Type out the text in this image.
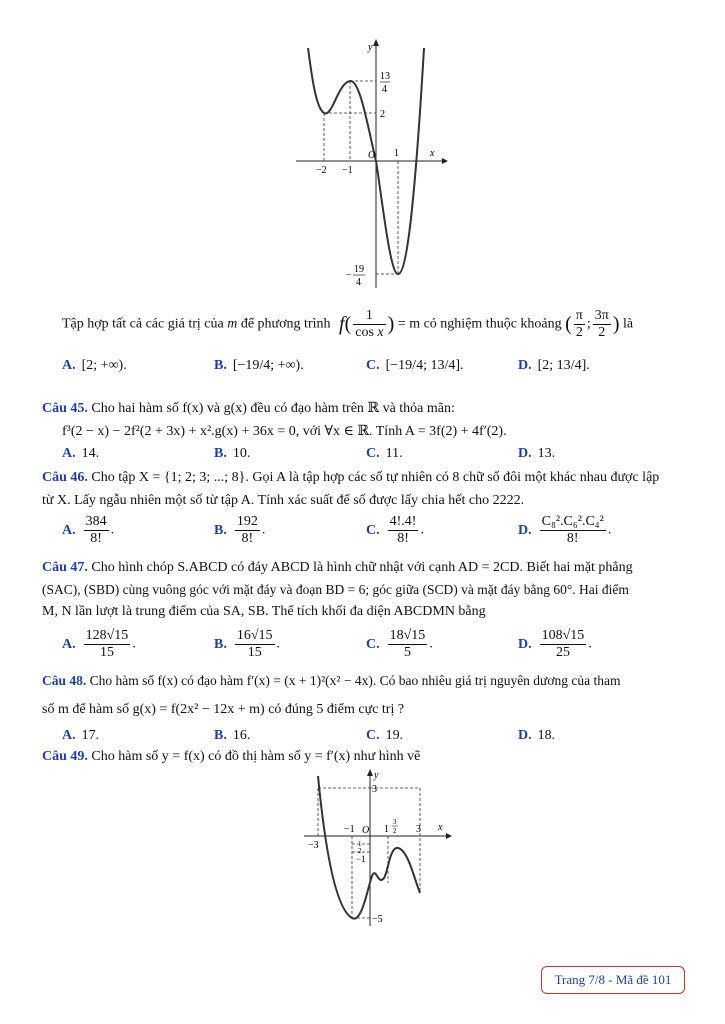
y
x
O
−2 −1
1
13
4
2
−
19
4
Tập hợp tất cả các giá trị của m để phương trình $f( \frac{1}{\text{cos x}}$ ) = m có nghiệm thuộc khoảng ( $\frac{\pi}{2}$ ; $\frac{3\pi}{2}$ ) là
A. [2; +∞).	B. [−19/4; +∞).	C. [−19/4; 13/4].	D. [2; 13/4].
Câu 45. Cho hai hàm số f(x) và g(x) đều có đạo hàm trên ℝ và thỏa mãn:
f³(2 − x) − 2f²(2 + 3x) + x².g(x) + 36x = 0, với ∀x ∈ ℝ. Tính A = 3f(2) + 4f′(2).
A. 14.	B. 10.	C. 11.	D. 13.
Câu 46. Cho tập X = {1; 2; 3; ...; 8}. Gọi A là tập hợp các số tự nhiên có 8 chữ số đôi một khác nhau được lập
từ X. Lấy ngẫu nhiên một số từ tập A. Tính xác suất để số được lấy chia hết cho 2222.
A. $\frac{384}{8!}$ .	B. $\frac{192}{8!}$ .	C. $\frac{4!.4!}{8!}$ .	D. $\frac{\text{C₈².C₆².C₄²}}{8!}$ .
Câu 47. Cho hình chóp S.ABCD có đáy ABCD là hình chữ nhật với cạnh AD = 2CD. Biết hai mặt phẳng
(SAC), (SBD) cùng vuông góc với mặt đáy và đoạn BD = 6; góc giữa (SCD) và mặt đáy bằng 60°. Hai điểm
M, N lần lượt là trung điểm của SA, SB. Thể tích khối đa diện ABCDMN bằng
A. $\frac{128√15}{15}$ .	B. $\frac{16√15}{15}$ .	C. $\frac{18√15}{5}$ .	D. $\frac{108√15}{25}$ .
Câu 48. Cho hàm số f(x) có đạo hàm f′(x) = (x + 1)²(x² − 4x). Có bao nhiêu giá trị nguyên dương của tham
số m để hàm số g(x) = f(2x² − 12x + m) có đúng 5 điểm cực trị ?
A. 17.	B. 16.	C. 19.	D. 18.
Câu 49. Cho hàm số y = f(x) có đồ thị hàm số y = f′(x) như hình vẽ
y
x
O
−3
−1	1
3
2 3
3
1
2
−1
−5
Trang 7/8 - Mã đề 101
